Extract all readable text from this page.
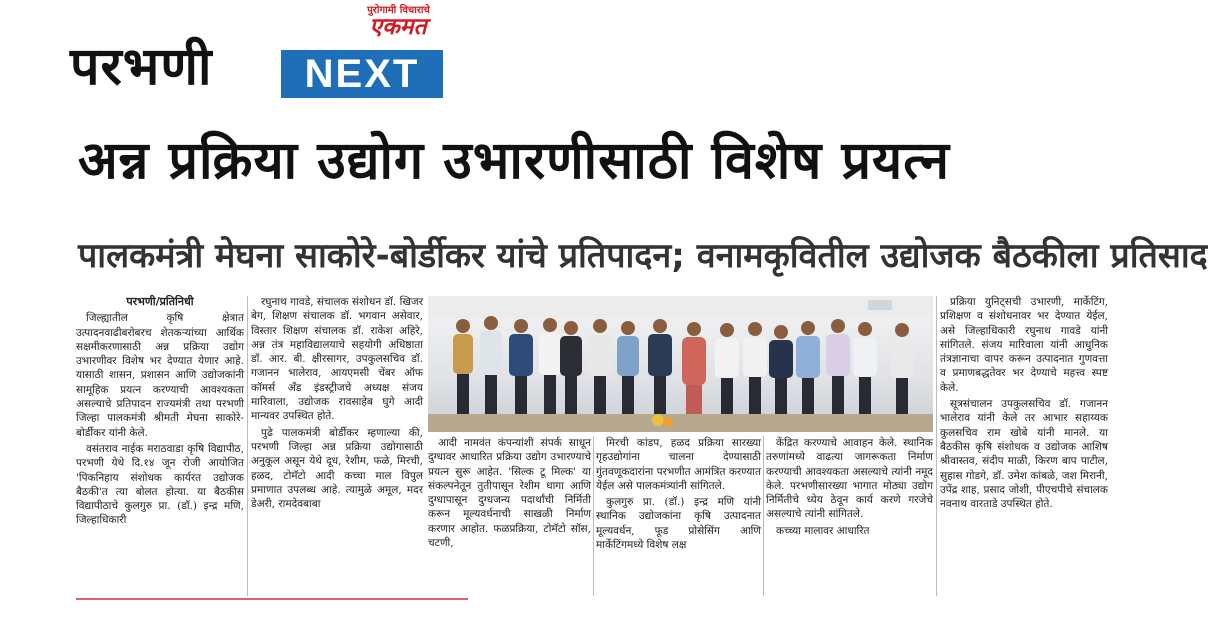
पुरोगामी विचाराचे
एकमत
परभणी	NEXT
अन्न प्रक्रिया उद्योग उभारणीसाठी विशेष प्रयत्न
पालकमंत्री मेघना साकोरे-बोर्डीकर यांचे प्रतिपादन; वनामकृवितील उद्योजक बैठकीला प्रतिसाद
परभणी/प्रतिनिधी

जिल्ह्यातील कृषि क्षेत्रात उत्पादनवाढीबरोबरच शेतकऱ्यांच्या आर्थिक सक्षमीकरणासाठी अन्न प्रक्रिया उद्योग उभारणीवर विशेष भर देण्यात येणार आहे. यासाठी शासन, प्रशासन आणि उद्योजकांनी सामूहिक प्रयत्न करण्याची आवश्यकता असल्याचे प्रतिपादन राज्यमंत्री तथा परभणी जिल्हा पालकमंत्री श्रीमती मेघना साकोरे-बोर्डीकर यांनी केले.

वसंतराव नाईक मराठवाडा कृषि विद्यापीठ, परभणी येथे दि.१४ जून रोजी आयोजित 'पिकनिहाय संशोधक कार्यरत उद्योजक बैठकी'त त्या बोलत होत्या. या बैठकीस विद्यापीठाचे कुलगुरु प्रा. (डॉ.) इन्द्र मणि, जिल्हाधिकारी

रघुनाथ गावडे, संचालक संशोधन डॉ. खिजर बेग, शिक्षण संचालक डॉ. भगवान असेवार, विस्तार शिक्षण संचालक डॉ. राकेश अहिरे, अन्न तंत्र महाविद्यालयाचे सहयोगी अधिष्ठाता डॉ. आर. बी. क्षीरसागर, उपकुलसचिव डॉ. गजानन भालेराव, आयएमसी चेंबर ऑफ कॉमर्स अँड इंडस्ट्रीजचे अध्यक्ष संजय मारिवाला, उद्योजक रावसाहेब घुगे आदी मान्यवर उपस्थित होते.

पुढे पालकमंत्री बोर्डीकर म्हणाल्या की, परभणी जिल्हा अन्न प्रक्रिया उद्योगासाठी अनुकूल असून येथे दूध, रेशीम, फळे, मिरची, हळद, टोमॅटो आदी कच्चा माल विपुल प्रमाणात उपलब्ध आहे. त्यामुळे अमूल, मदर डेअरी, रामदेवबाबा

आदी नामवंत कंपन्यांशी संपर्क साधून दुग्धावर आधारित प्रक्रिया उद्योग उभारण्याचे प्रयत्न सुरू आहेत. 'सिल्क टू मिल्क' या संकल्पनेतून तुतीपासून रेशीम धागा आणि दुग्धापासून दुग्धजन्य पदार्थांची निर्मिती करून मूल्यवर्धनाची साखळी निर्माण करणार आहोत. फळप्रक्रिया, टोमॅटो सॉस, चटणी,

मिरची कांडप, हळद प्रक्रिया सारख्या गृहउद्योगांना चालना देण्यासाठी गुंतवणूकदारांना परभणीत आमंत्रित करण्यात येईल असे पालकमंत्र्यांनी सांगितले.

कुलगुरु प्रा. (डॉ.) इन्द्र मणि यांनी स्थानिक उद्योजकांना कृषि उत्पादनात मूल्यवर्धन, फूड प्रोसेसिंग आणि मार्केटिंगमध्ये विशेष लक्ष

केंद्रित करण्याचे आवाहन केले. स्थानिक तरुणांमध्ये वाढत्या जागरूकता निर्माण करण्याची आवश्यकता असल्याचे त्यांनी नमूद केले. परभणीसारख्या भागात मोठ्या उद्योग निर्मितीचे ध्येय ठेवून कार्य करणे गरजेचे असल्याचे त्यांनी सांगितले.

कच्च्या मालावर आधारित

प्रक्रिया युनिट्सची उभारणी, मार्केटिंग, प्रशिक्षण व संशोधनावर भर देण्यात येईल, असे जिल्हाधिकारी रघुनाथ गावडे यांनी सांगितले. संजय मारिवाला यांनी आधुनिक तंत्रज्ञानाचा वापर करून उत्पादनात गुणवत्ता व प्रमाणबद्धतेवर भर देण्याचे महत्त्व स्पष्ट केले.

सूत्रसंचालन उपकुलसचिव डॉ. गजानन भालेराव यांनी केले तर आभार सहाय्यक कुलसचिव राम खोबे यांनी मानले. या बैठकीस कृषि संशोधक व उद्योजक आशिष श्रीवास्तव, संदीप माळी, किरण बाप पाटील, सुहास गोडगे, डॉ. उमेश कांबळे, जश मिरानी, उपेंद्र शाह, प्रसाद जोशी, पीएचपीचे संचालक नवनाथ वारताडे उपस्थित होते.
